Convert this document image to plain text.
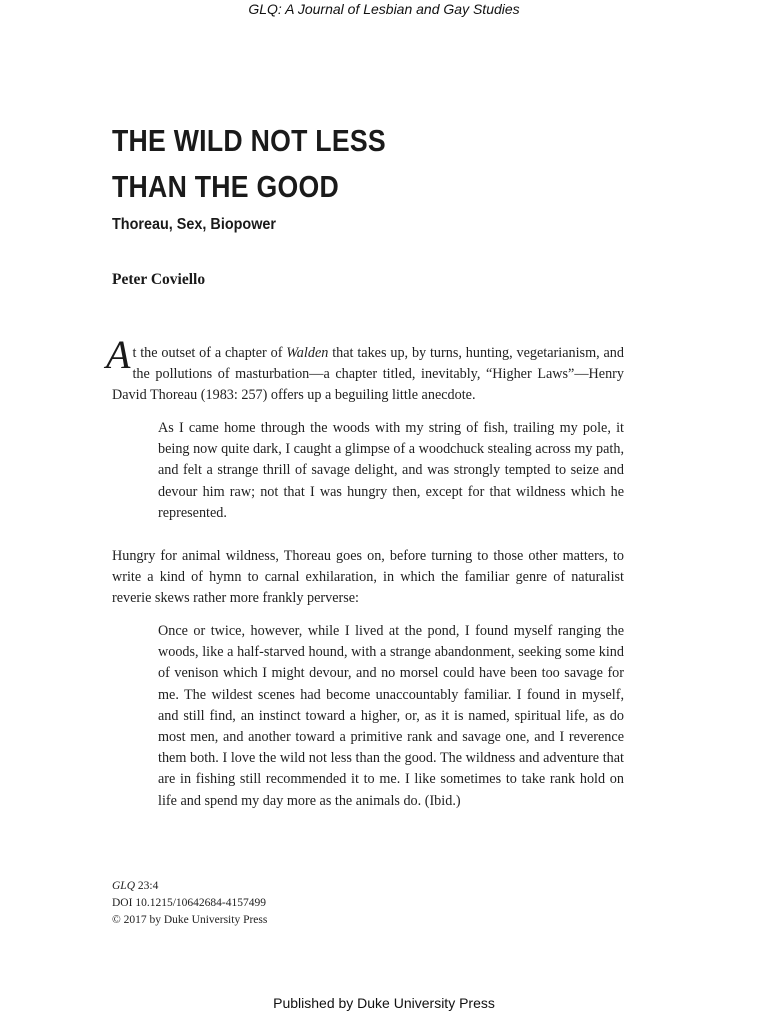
GLQ: A Journal of Lesbian and Gay Studies
THE WILD NOT LESS
THAN THE GOOD
Thoreau, Sex, Biopower
Peter Coviello

At the outset of a chapter of Walden that takes up, by turns, hunting, vegetarianism, and the pollutions of masturbation—a chapter titled, inevitably, “Higher Laws”—Henry David Thoreau (1983: 257) offers up a beguiling little anecdote.

As I came home through the woods with my string of fish, trailing my pole, it being now quite dark, I caught a glimpse of a woodchuck stealing across my path, and felt a strange thrill of savage delight, and was strongly tempted to seize and devour him raw; not that I was hungry then, except for that wildness which he represented.

Hungry for animal wildness, Thoreau goes on, before turning to those other matters, to write a kind of hymn to carnal exhilaration, in which the familiar genre of naturalist reverie skews rather more frankly perverse:

Once or twice, however, while I lived at the pond, I found myself ranging the woods, like a half-starved hound, with a strange abandonment, seeking some kind of venison which I might devour, and no morsel could have been too savage for me. The wildest scenes had become unaccountably familiar. I found in myself, and still find, an instinct toward a higher, or, as it is named, spiritual life, as do most men, and another toward a primitive rank and savage one, and I reverence them both. I love the wild not less than the good. The wildness and adventure that are in fishing still recommended it to me. I like sometimes to take rank hold on life and spend my day more as the animals do. (Ibid.)

GLQ 23:4
DOI 10.1215/10642684-4157499
© 2017 by Duke University Press
Published by Duke University Press
